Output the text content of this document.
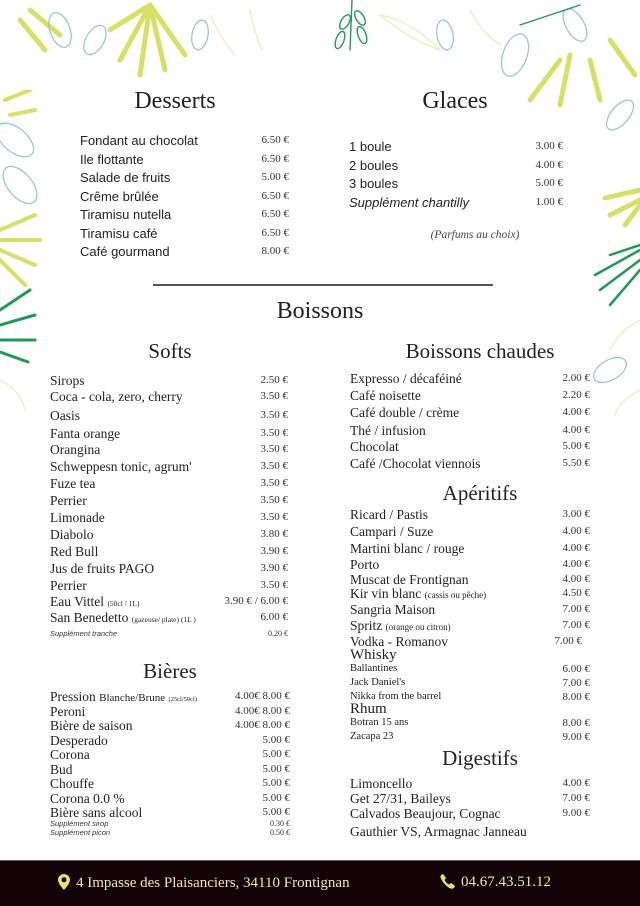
Desserts
Fondant au chocolat	6.50 €
Ile flottante	6.50 €
Salade de fruits	5.00 €
Crême brûlée	6.50 €
Tiramisu nutella	6.50 €
Tiramisu café	6.50 €
Café gourmand	8.00 €
Glaces
1 boule	3.00 €
2 boules	4.00 €
3 boules	5.00 €
Supplément chantilly	1.00 €
(Parfums au choix)
Boissons
Softs
Sirops	2.50 €
Coca - cola, zero, cherry	3.50 €
Oasis	3.50 €
Fanta orange	3.50 €
Orangina	3.50 €
Schweppesn tonic, agrum'	3.50 €
Fuze tea	3.50 €
Perrier	3.50 €
Limonade	3.50 €
Diabolo	3.80 €
Red Bull	3.90 €
Jus de fruits PAGO	3.90 €
Perrier	3.50 €
Eau Vittel (50cl / 1L)	3.90 € / 6.00 €
San Benedetto (gazeuse/ plate) (1L )	6.00 €
Supplément tranche	0.20 €
Bières
Pression Blanche/Brune (25cl/50cl)	4.00€ 8.00 €
Peroni	4.00€ 8.00 €
Bière de saison	4.00€ 8.00 €
Desperado	5.00 €
Corona	5.00 €
Bud	5.00 €
Chouffe	5.00 €
Corona 0.0 %	5.00 €
Bière sans alcool	5.00 €
Supplément sirop	0.30 €
Supplément picon	0.50 €
Boissons chaudes
Expresso / décaféiné	2.00 €
Café noisette	2.20 €
Café double / crème	4.00 €
Thé / infusion	4.00 €
Chocolat	5.00 €
Café /Chocolat viennois	5.50 €
Apéritifs
Ricard / Pastis	3.00 €
Campari / Suze	4.00 €
Martini blanc / rouge	4.00 €
Porto	4.00 €
Muscat de Frontignan	4.00 €
Kir vin blanc (cassis ou pêche)	4.50 €
Sangria Maison	7.00 €
Spritz (orange ou citron)	7.00 €
Vodka - Romanov	7.00 €
Whisky
Ballantines	6.00 €
Jack Daniel's	7.00 €
Nikka from the barrel	8.00 €
Rhum
Botran 15 ans	8.00 €
Zacapa 23	9.00 €
Digestifs
Limoncello	4.00 €
Get 27/31, Baileys	7.00 €
Calvados Beaujour, Cognac	9.00 €
Gauthier VS, Armagnac Janneau
4 Impasse des Plaisanciers, 34110 Frontignan	04.67.43.51.12
